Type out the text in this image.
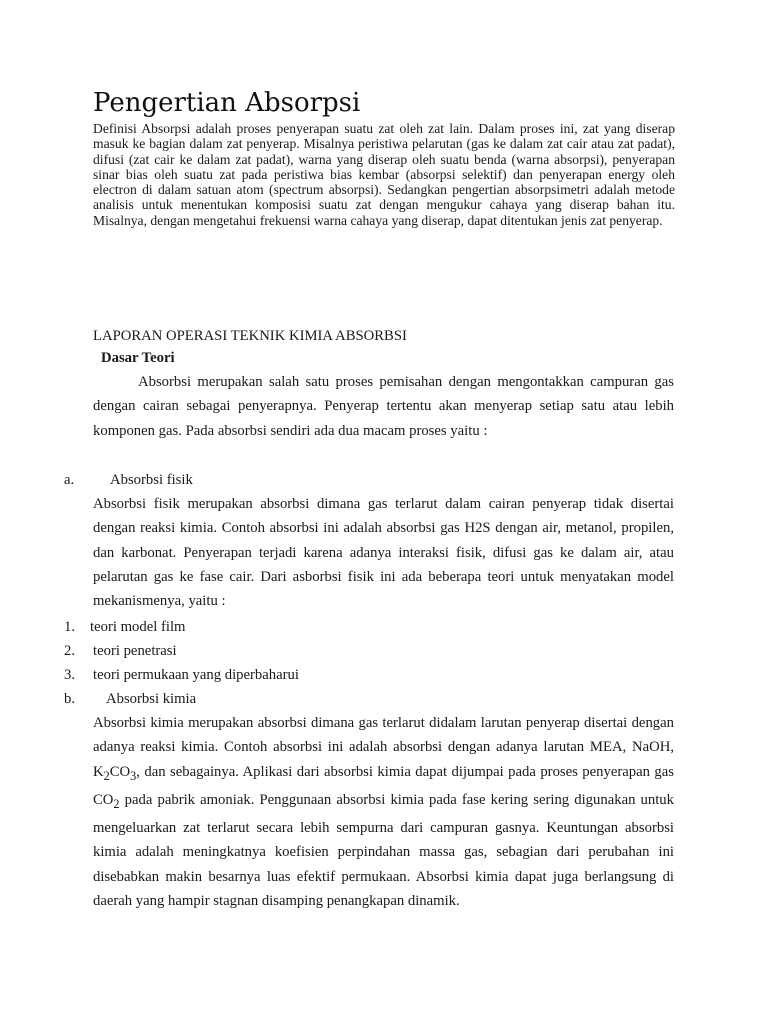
Pengertian Absorpsi

Definisi Absorpsi adalah proses penyerapan suatu zat oleh zat lain. Dalam proses ini, zat yang diserap masuk ke bagian dalam zat penyerap. Misalnya peristiwa pelarutan (gas ke dalam zat cair atau zat padat), difusi (zat cair ke dalam zat padat), warna yang diserap oleh suatu benda (warna absorpsi), penyerapan sinar bias oleh suatu zat pada peristiwa bias kembar (absorpsi selektif) dan penyerapan energy oleh electron di dalam satuan atom (spectrum absorpsi). Sedangkan pengertian absorpsimetri adalah metode analisis untuk menentukan komposisi suatu zat dengan mengukur cahaya yang diserap bahan itu. Misalnya, dengan mengetahui frekuensi warna cahaya yang diserap, dapat ditentukan jenis zat penyerap.

LAPORAN OPERASI TEKNIK KIMIA ABSORBSI
Dasar Teori

Absorbsi merupakan salah satu proses pemisahan dengan mengontakkan campuran gas dengan cairan sebagai penyerapnya. Penyerap tertentu akan menyerap setiap satu atau lebih komponen gas. Pada absorbsi sendiri ada dua macam proses yaitu :

a. Absorbsi fisik

Absorbsi fisik merupakan absorbsi dimana gas terlarut dalam cairan penyerap tidak disertai dengan reaksi kimia. Contoh absorbsi ini adalah absorbsi gas H2S dengan air, metanol, propilen, dan karbonat. Penyerapan terjadi karena adanya interaksi fisik, difusi gas ke dalam air, atau pelarutan gas ke fase cair. Dari asborbsi fisik ini ada beberapa teori untuk menyatakan model mekanismenya, yaitu :

1. teori model film
2. teori penetrasi
3. teori permukaan yang diperbaharui
b. Absorbsi kimia

Absorbsi kimia merupakan absorbsi dimana gas terlarut didalam larutan penyerap disertai dengan adanya reaksi kimia. Contoh absorbsi ini adalah absorbsi dengan adanya larutan MEA, NaOH, $K_2CO_3$, dan sebagainya. Aplikasi dari absorbsi kimia dapat dijumpai pada proses penyerapan gas $CO_2$ pada pabrik amoniak. Penggunaan absorbsi kimia pada fase kering sering digunakan untuk mengeluarkan zat terlarut secara lebih sempurna dari campuran gasnya. Keuntungan absorbsi kimia adalah meningkatnya koefisien perpindahan massa gas, sebagian dari perubahan ini disebabkan makin besarnya luas efektif permukaan. Absorbsi kimia dapat juga berlangsung di daerah yang hampir stagnan disamping penangkapan dinamik.
